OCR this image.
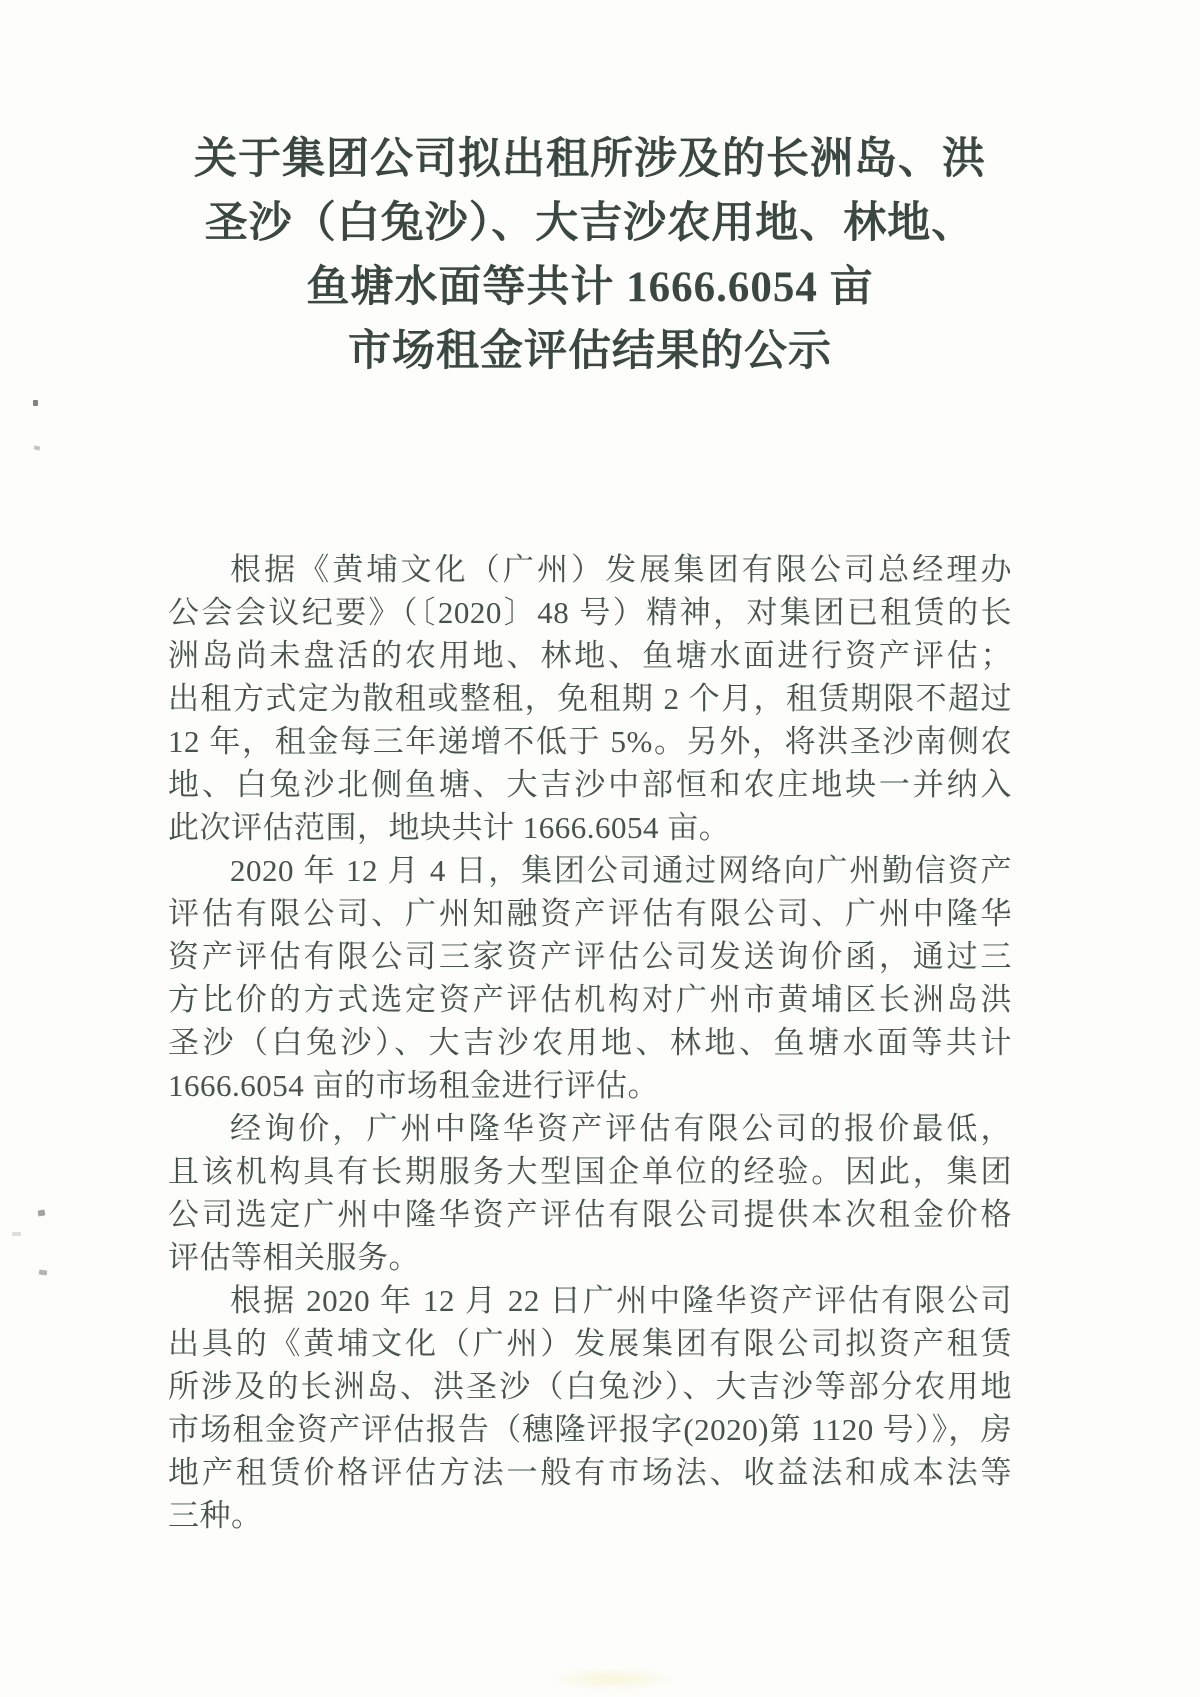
关于集团公司拟出租所涉及的长洲岛、洪
圣沙（白兔沙）、大吉沙农用地、林地、
鱼塘水面等共计 1666.6054 亩
市场租金评估结果的公示
根据《黄埔文化（广州）发展集团有限公司总经理办
公会会议纪要》（〔2020〕48 号）精神，对集团已租赁的长
洲岛尚未盘活的农用地、林地、鱼塘水面进行资产评估；
出租方式定为散租或整租，免租期 2 个月，租赁期限不超过
12 年，租金每三年递增不低于 5%。另外，将洪圣沙南侧农
地、白兔沙北侧鱼塘、大吉沙中部恒和农庄地块一并纳入
此次评估范围，地块共计 1666.6054 亩。
2020 年 12 月 4 日，集团公司通过网络向广州勤信资产
评估有限公司、广州知融资产评估有限公司、广州中隆华
资产评估有限公司三家资产评估公司发送询价函，通过三
方比价的方式选定资产评估机构对广州市黄埔区长洲岛洪
圣沙（白兔沙）、大吉沙农用地、林地、鱼塘水面等共计
1666.6054 亩的市场租金进行评估。
经询价，广州中隆华资产评估有限公司的报价最低，
且该机构具有长期服务大型国企单位的经验。因此，集团
公司选定广州中隆华资产评估有限公司提供本次租金价格
评估等相关服务。
根据 2020 年 12 月 22 日广州中隆华资产评估有限公司
出具的《黄埔文化（广州）发展集团有限公司拟资产租赁
所涉及的长洲岛、洪圣沙（白兔沙）、大吉沙等部分农用地
市场租金资产评估报告（穗隆评报字(2020)第 1120 号）》，房
地产租赁价格评估方法一般有市场法、收益法和成本法等
三种。
